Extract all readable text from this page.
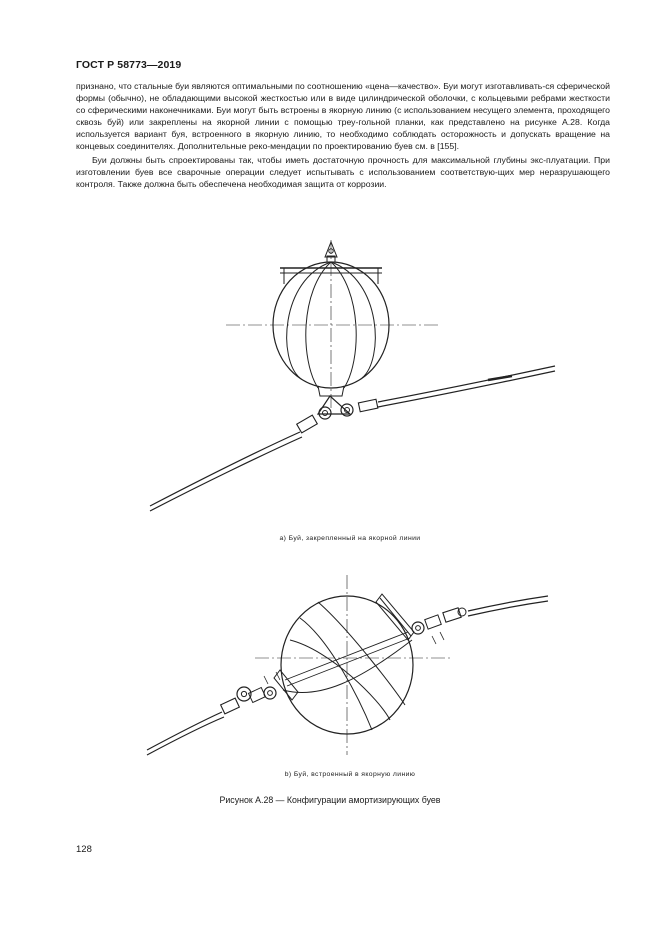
ГОСТ Р 58773—2019

признано, что стальные буи являются оптимальными по соотношению «цена—качество». Буи могут изготавливать-ся сферической формы (обычно), не обладающими высокой жесткостью или в виде цилиндрической оболочки, с кольцевыми ребрами жесткости со сферическими наконечниками. Буи могут быть встроены в якорную линию (с использованием несущего элемента, проходящего сквозь буй) или закреплены на якорной линии с помощью треу-гольной планки, как представлено на рисунке А.28. Когда используется вариант буя, встроенного в якорную линию, то необходимо соблюдать осторожность и допускать вращение на концевых соединителях. Дополнительные реко-мендации по проектированию буев см. в [155].

Буи должны быть спроектированы так, чтобы иметь достаточную прочность для максимальной глубины экс-плуатации. При изготовлении буев все сварочные операции следует испытывать с использованием соответствую-щих мер неразрушающего контроля. Также должна быть обеспечена необходимая защита от коррозии.

а) Буй, закрепленный на якорной линии
b) Буй, встроенный в якорную линию
Рисунок А.28 — Конфигурации амортизирующих буев
128
